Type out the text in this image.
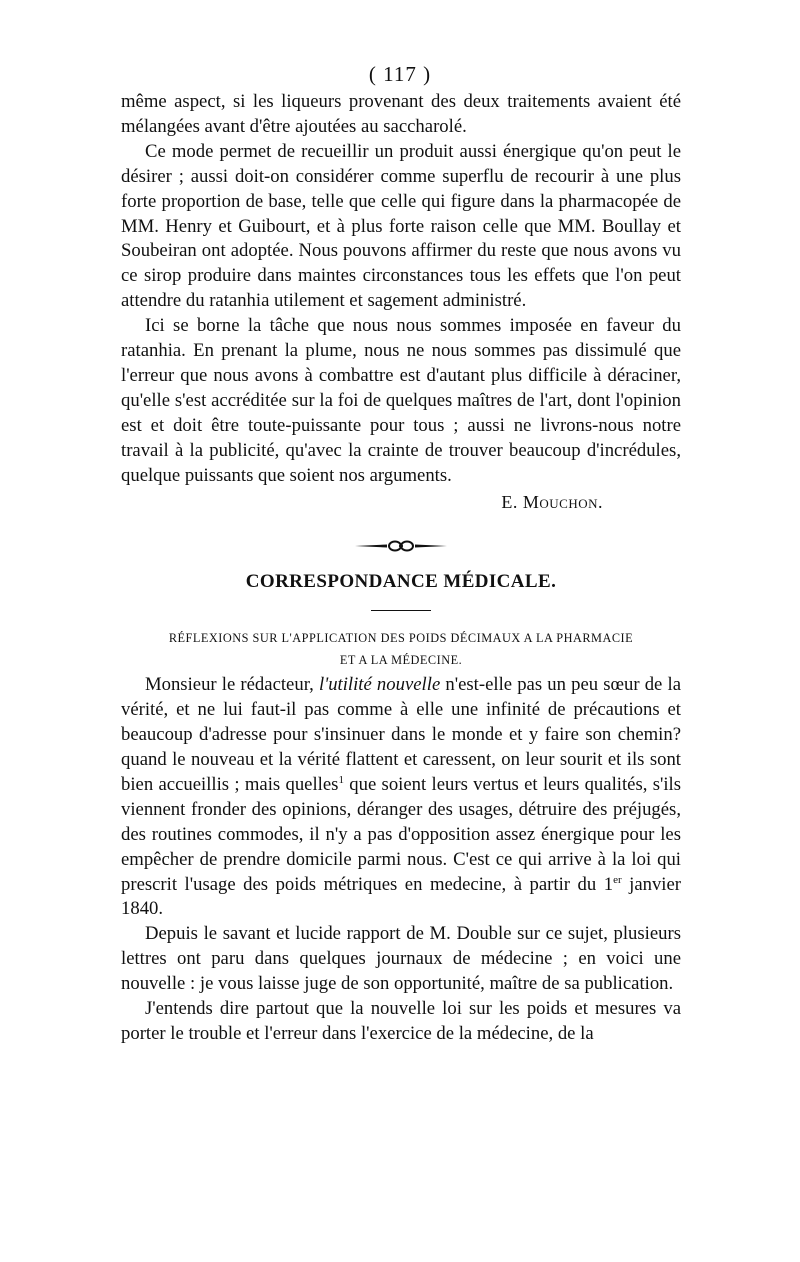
( 117 )

même aspect, si les liqueurs provenant des deux traitements avaient été mélangées avant d'être ajoutées au saccharolé.

Ce mode permet de recueillir un produit aussi énergique qu'on peut le désirer ; aussi doit-on considérer comme superflu de recourir à une plus forte proportion de base, telle que celle qui figure dans la pharmacopée de MM. Henry et Guibourt, et à plus forte raison celle que MM. Boullay et Soubeiran ont adoptée. Nous pouvons affirmer du reste que nous avons vu ce sirop produire dans maintes circonstances tous les effets que l'on peut attendre du ratanhia utilement et sagement administré.

Ici se borne la tâche que nous nous sommes imposée en faveur du ratanhia. En prenant la plume, nous ne nous sommes pas dissimulé que l'erreur que nous avons à combattre est d'autant plus difficile à déraciner, qu'elle s'est accréditée sur la foi de quelques maîtres de l'art, dont l'opinion est et doit être toute-puissante pour tous ; aussi ne livrons-nous notre travail à la publicité, qu'avec la crainte de trouver beaucoup d'incrédules, quelque puissants que soient nos arguments.

E. Mouchon.
CORRESPONDANCE MÉDICALE.
RÉFLEXIONS SUR L'APPLICATION DES POIDS DÉCIMAUX A LA PHARMACIE
ET A LA MÉDECINE.

Monsieur le rédacteur, l'utilité nouvelle n'est-elle pas un peu sœur de la vérité, et ne lui faut-il pas comme à elle une infinité de précautions et beaucoup d'adresse pour s'insinuer dans le monde et y faire son chemin? quand le nouveau et la vérité flattent et caressent, on leur sourit et ils sont bien accueillis ; mais quelles$^1$ que soient leurs vertus et leurs qualités, s'ils viennent fronder des opinions, déranger des usages, détruire des préjugés, des routines commodes, il n'y a pas d'opposition assez énergique pour les empêcher de prendre domicile parmi nous. C'est ce qui arrive à la loi qui prescrit l'usage des poids métriques en medecine, à partir du 1er janvier 1840.

Depuis le savant et lucide rapport de M. Double sur ce sujet, plusieurs lettres ont paru dans quelques journaux de médecine ; en voici une nouvelle : je vous laisse juge de son opportunité, maître de sa publication.

J'entends dire partout que la nouvelle loi sur les poids et mesures va porter le trouble et l'erreur dans l'exercice de la médecine, de la
